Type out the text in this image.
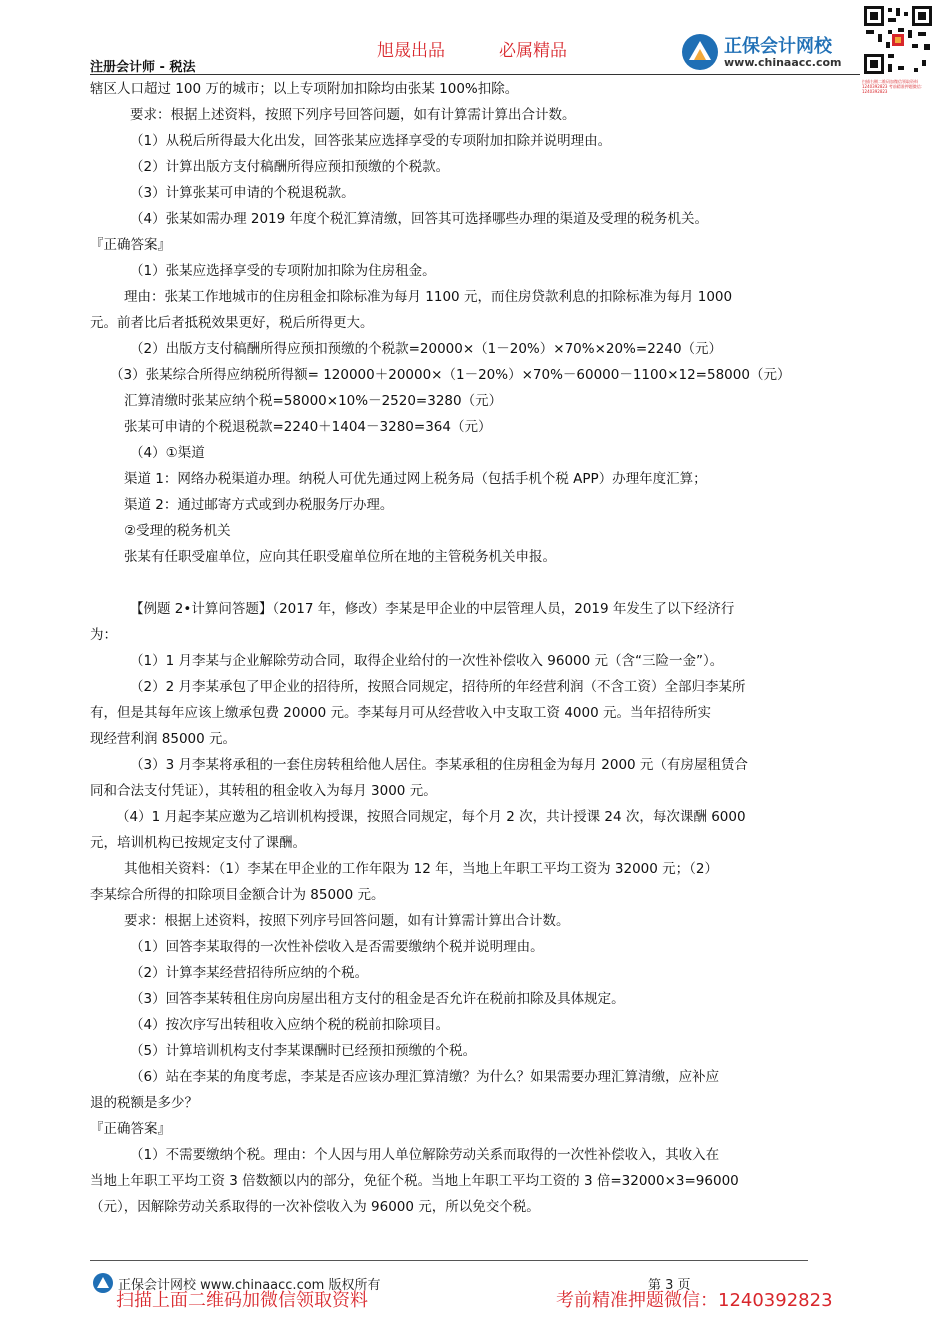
旭晟出品	必属精品
注册会计师 - 税法
正保会计网校
www.chinaacc.com
扫描右侧二维码加微信领取资料 1240392823 考前精准押题微信：1240392823

辖区人口超过 100 万的城市；以上专项附加扣除均由张某 100%扣除。

要求：根据上述资料，按照下列序号回答问题，如有计算需计算出合计数。

（1）从税后所得最大化出发，回答张某应选择享受的专项附加扣除并说明理由。

（2）计算出版方支付稿酬所得应预扣预缴的个税款。

（3）计算张某可申请的个税退税款。

（4）张某如需办理 2019 年度个税汇算清缴，回答其可选择哪些办理的渠道及受理的税务机关。

『正确答案』

（1）张某应选择享受的专项附加扣除为住房租金。

理由：张某工作地城市的住房租金扣除标准为每月 1100 元，而住房贷款利息的扣除标准为每月 1000

元。前者比后者抵税效果更好，税后所得更大。

（2）出版方支付稿酬所得应预扣预缴的个税款=20000×（1－20%）×70%×20%=2240（元）

（3）张某综合所得应纳税所得额= 120000＋20000×（1－20%）×70%－60000－1100×12=58000（元）

汇算清缴时张某应纳个税=58000×10%－2520=3280（元）

张某可申请的个税退税款=2240＋1404－3280=364（元）

（4）①渠道

渠道 1：网络办税渠道办理。纳税人可优先通过网上税务局（包括手机个税 APP）办理年度汇算；

渠道 2：通过邮寄方式或到办税服务厅办理。

②受理的税务机关

张某有任职受雇单位，应向其任职受雇单位所在地的主管税务机关申报。

【例题 2•计算问答题】（2017 年，修改）李某是甲企业的中层管理人员，2019 年发生了以下经济行

为：

（1）1 月李某与企业解除劳动合同，取得企业给付的一次性补偿收入 96000 元（含“三险一金”）。

（2）2 月李某承包了甲企业的招待所，按照合同规定，招待所的年经营利润（不含工资）全部归李某所

有，但是其每年应该上缴承包费 20000 元。李某每月可从经营收入中支取工资 4000 元。当年招待所实

现经营利润 85000 元。

（3）3 月李某将承租的一套住房转租给他人居住。李某承租的住房租金为每月 2000 元（有房屋租赁合

同和合法支付凭证），其转租的租金收入为每月 3000 元。

（4）1 月起李某应邀为乙培训机构授课，按照合同规定，每个月 2 次，共计授课 24 次，每次课酬 6000

元，培训机构已按规定支付了课酬。

其他相关资料：（1）李某在甲企业的工作年限为 12 年，当地上年职工平均工资为 32000 元；（2）

李某综合所得的扣除项目金额合计为 85000 元。

要求：根据上述资料，按照下列序号回答问题，如有计算需计算出合计数。

（1）回答李某取得的一次性补偿收入是否需要缴纳个税并说明理由。

（2）计算李某经营招待所应纳的个税。

（3）回答李某转租住房向房屋出租方支付的租金是否允许在税前扣除及具体规定。

（4）按次序写出转租收入应纳个税的税前扣除项目。

（5）计算培训机构支付李某课酬时已经预扣预缴的个税。

（6）站在李某的角度考虑，李某是否应该办理汇算清缴？为什么？如果需要办理汇算清缴，应补应

退的税额是多少？

『正确答案』

（1）不需要缴纳个税。理由：个人因与用人单位解除劳动关系而取得的一次性补偿收入，其收入在

当地上年职工平均工资 3 倍数额以内的部分，免征个税。当地上年职工平均工资的 3 倍=32000×3=96000

（元），因解除劳动关系取得的一次补偿收入为 96000 元，所以免交个税。

正保会计网校 www.chinaacc.com 版权所有	第 3 页
扫描上面二维码加微信领取资料	考前精准押题微信：1240392823
